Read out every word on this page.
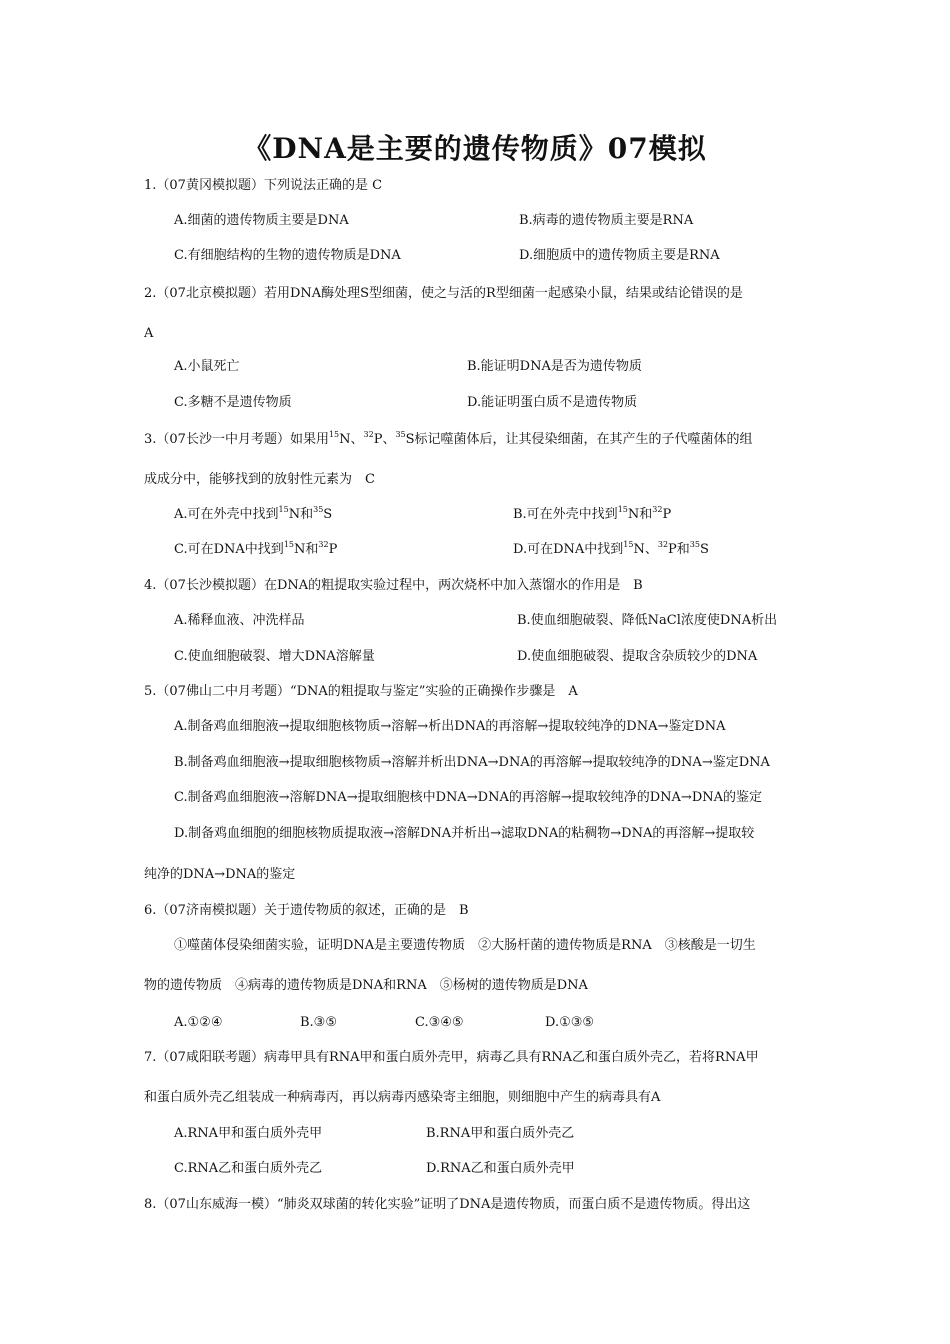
《DNA是主要的遗传物质》07模拟
1.（07黄冈模拟题）下列说法正确的是 C
A.细菌的遗传物质主要是DNA	B.病毒的遗传物质主要是RNA
C.有细胞结构的生物的遗传物质是DNA	D.细胞质中的遗传物质主要是RNA
2.（07北京模拟题）若用DNA酶处理S型细菌，使之与活的R型细菌一起感染小鼠，结果或结论错误的是
A
A.小鼠死亡	B.能证明DNA是否为遗传物质
C.多糖不是遗传物质	D.能证明蛋白质不是遗传物质
3.（07长沙一中月考题）如果用$^{15}$N、$^{32}$P、$^{35}$S标记噬菌体后，让其侵染细菌，在其产生的子代噬菌体的组
成成分中，能够找到的放射性元素为　C
A.可在外壳中找到$^{15}$N和$^{35}$S	B.可在外壳中找到$^{15}$N和$^{32}$P
C.可在DNA中找到$^{15}$N和$^{32}$P	D.可在DNA中找到$^{15}$N、$^{32}$P和$^{35}$S
4.（07长沙模拟题）在DNA的粗提取实验过程中，两次烧杯中加入蒸馏水的作用是　B
A.稀释血液、冲洗样品	B.使血细胞破裂、降低NaCl浓度使DNA析出
C.使血细胞破裂、增大DNA溶解量	D.使血细胞破裂、提取含杂质较少的DNA
5.（07佛山二中月考题）“DNA的粗提取与鉴定”实验的正确操作步骤是　A
A.制备鸡血细胞液→提取细胞核物质→溶解→析出DNA的再溶解→提取较纯净的DNA→鉴定DNA
B.制备鸡血细胞液→提取细胞核物质→溶解并析出DNA→DNA的再溶解→提取较纯净的DNA→鉴定DNA
C.制备鸡血细胞液→溶解DNA→提取细胞核中DNA→DNA的再溶解→提取较纯净的DNA→DNA的鉴定
D.制备鸡血细胞的细胞核物质提取液→溶解DNA并析出→滤取DNA的粘稠物→DNA的再溶解→提取较
纯净的DNA→DNA的鉴定
6.（07济南模拟题）关于遗传物质的叙述，正确的是　B
①噬菌体侵染细菌实验，证明DNA是主要遗传物质　②大肠杆菌的遗传物质是RNA　③核酸是一切生
物的遗传物质　④病毒的遗传物质是DNA和RNA　⑤杨树的遗传物质是DNA
A.①②④	B.③⑤	C.③④⑤	D.①③⑤
7.（07咸阳联考题）病毒甲具有RNA甲和蛋白质外壳甲，病毒乙具有RNA乙和蛋白质外壳乙，若将RNA甲
和蛋白质外壳乙组装成一种病毒丙，再以病毒丙感染寄主细胞，则细胞中产生的病毒具有A
A.RNA甲和蛋白质外壳甲	B.RNA甲和蛋白质外壳乙
C.RNA乙和蛋白质外壳乙	D.RNA乙和蛋白质外壳甲
8.（07山东威海一模）“肺炎双球菌的转化实验”证明了DNA是遗传物质，而蛋白质不是遗传物质。得出这
